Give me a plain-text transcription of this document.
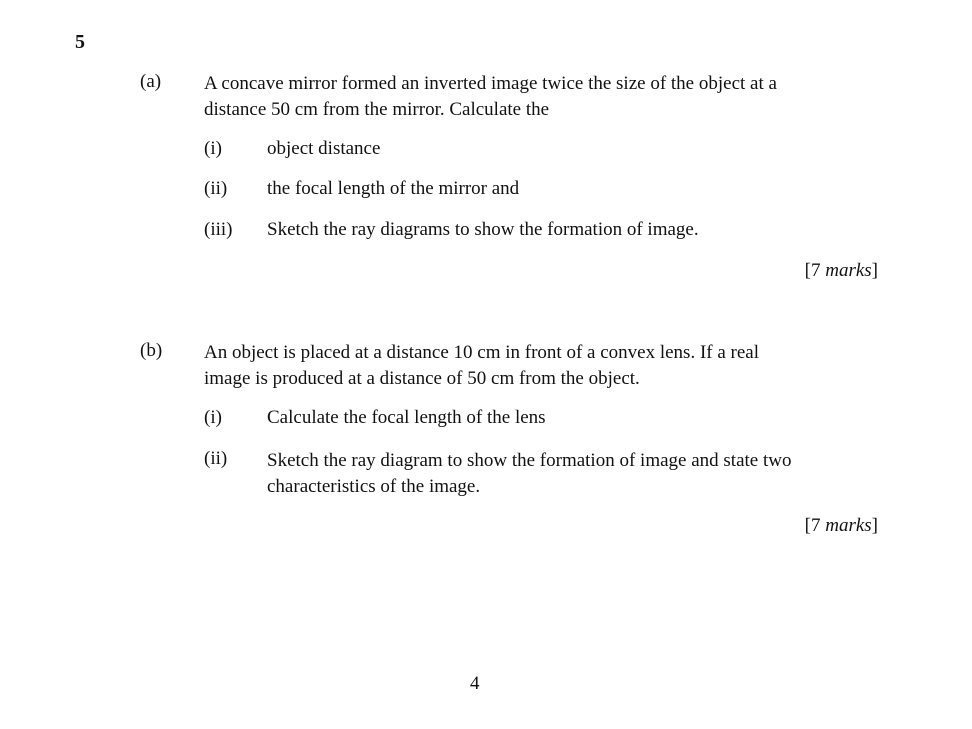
5
(a) A concave mirror formed an inverted image twice the size of the object at a
distance 50 cm from the mirror. Calculate the
(i) object distance
(ii) the focal length of the mirror and
(iii) Sketch the ray diagrams to show the formation of image.
[7 marks]
(b) An object is placed at a distance 10 cm in front of a convex lens. If a real
image is produced at a distance of 50 cm from the object.
(i) Calculate the focal length of the lens
(ii) Sketch the ray diagram to show the formation of image and state two
characteristics of the image.
[7 marks]
4
